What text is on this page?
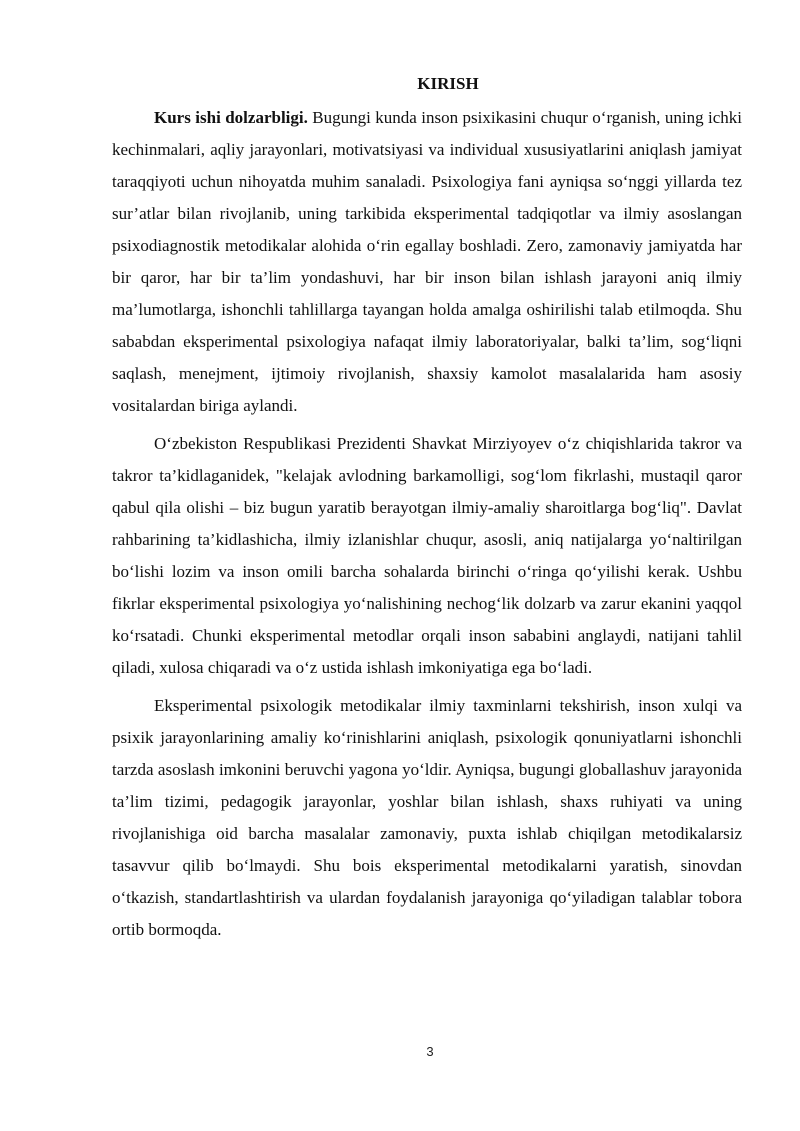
KIRISH

Kurs ishi dolzarbligi. Bugungi kunda inson psixikasini chuqur o‘rganish, uning ichki kechinmalari, aqliy jarayonlari, motivatsiyasi va individual xususiyatlarini aniqlash jamiyat taraqqiyoti uchun nihoyatda muhim sanaladi. Psixologiya fani ayniqsa so‘nggi yillarda tez sur’atlar bilan rivojlanib, uning tarkibida eksperimental tadqiqotlar va ilmiy asoslangan psixodiagnostik metodikalar alohida o‘rin egallay boshladi. Zero, zamonaviy jamiyatda har bir qaror, har bir ta’lim yondashuvi, har bir inson bilan ishlash jarayoni aniq ilmiy ma’lumotlarga, ishonchli tahlillarga tayangan holda amalga oshirilishi talab etilmoqda. Shu sababdan eksperimental psixologiya nafaqat ilmiy laboratoriyalar, balki ta’lim, sog‘liqni saqlash, menejment, ijtimoiy rivojlanish, shaxsiy kamolot masalalarida ham asosiy vositalardan biriga aylandi.

O‘zbekiston Respublikasi Prezidenti Shavkat Mirziyoyev o‘z chiqishlarida takror va takror ta’kidlaganidek, "kelajak avlodning barkamolligi, sog‘lom fikrlashi, mustaqil qaror qabul qila olishi – biz bugun yaratib berayotgan ilmiy-amaliy sharoitlarga bog‘liq". Davlat rahbarining ta’kidlashicha, ilmiy izlanishlar chuqur, asosli, aniq natijalarga yo‘naltirilgan bo‘lishi lozim va inson omili barcha sohalarda birinchi o‘ringa qo‘yilishi kerak. Ushbu fikrlar eksperimental psixologiya yo‘nalishining nechog‘lik dolzarb va zarur ekanini yaqqol ko‘rsatadi. Chunki eksperimental metodlar orqali inson sababini anglaydi, natijani tahlil qiladi, xulosa chiqaradi va o‘z ustida ishlash imkoniyatiga ega bo‘ladi.

Eksperimental psixologik metodikalar ilmiy taxminlarni tekshirish, inson xulqi va psixik jarayonlarining amaliy ko‘rinishlarini aniqlash, psixologik qonuniyatlarni ishonchli tarzda asoslash imkonini beruvchi yagona yo‘ldir. Ayniqsa, bugungi globallashuv jarayonida ta’lim tizimi, pedagogik jarayonlar, yoshlar bilan ishlash, shaxs ruhiyati va uning rivojlanishiga oid barcha masalalar zamonaviy, puxta ishlab chiqilgan metodikalarsiz tasavvur qilib bo‘lmaydi. Shu bois eksperimental metodikalarni yaratish, sinovdan o‘tkazish, standartlashtirish va ulardan foydalanish jarayoniga qo‘yiladigan talablar tobora ortib bormoqda.

3
